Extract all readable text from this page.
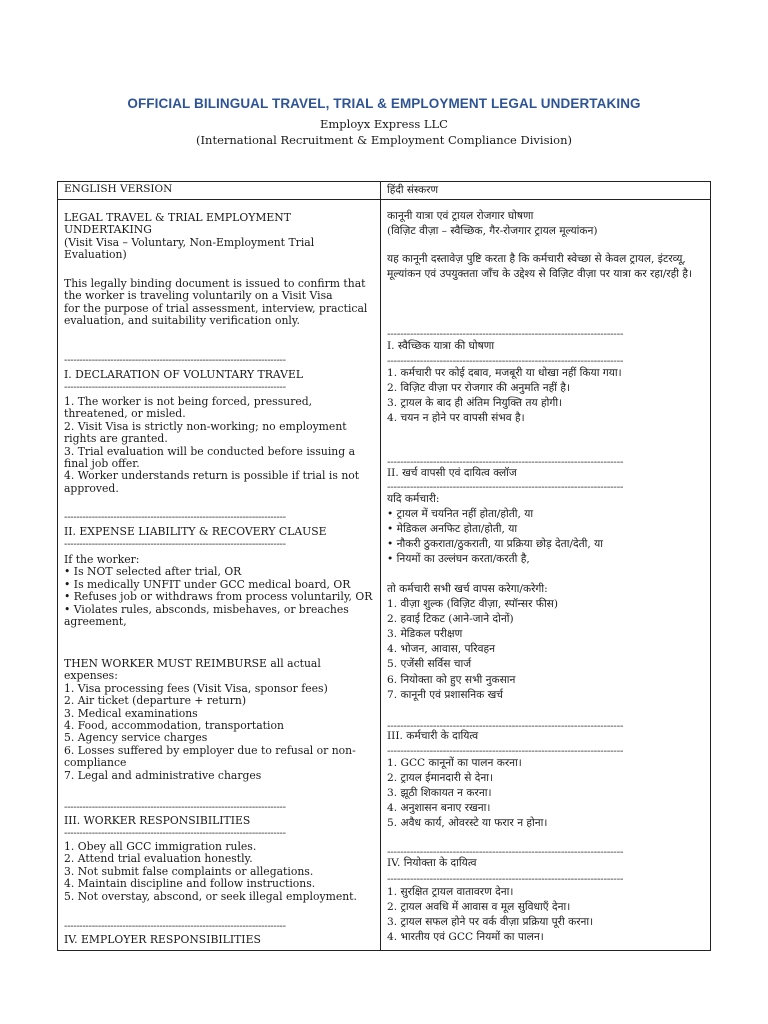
OFFICIAL BILINGUAL TRAVEL, TRIAL & EMPLOYMENT LEGAL UNDERTAKING
Employx Express LLC
(International Recruitment & Employment Compliance Division)
ENGLISH VERSION
LEGAL TRAVEL & TRIAL EMPLOYMENT UNDERTAKING
(Visit Visa – Voluntary, Non-Employment Trial Evaluation)
This legally binding document is issued to confirm that the worker is traveling voluntarily on a Visit Visa
for the purpose of trial assessment, interview, practical evaluation, and suitability verification only.
------------------------------------------------------------------------
I. DECLARATION OF VOLUNTARY TRAVEL
------------------------------------------------------------------------
1. The worker is not being forced, pressured, threatened, or misled.
2. Visit Visa is strictly non-working; no employment rights are granted.
3. Trial evaluation will be conducted before issuing a final job offer.
4. Worker understands return is possible if trial is not approved.
------------------------------------------------------------------------
II. EXPENSE LIABILITY & RECOVERY CLAUSE
------------------------------------------------------------------------
If the worker:
• Is NOT selected after trial, OR
• Is medically UNFIT under GCC medical board, OR
• Refuses job or withdraws from process voluntarily, OR
• Violates rules, absconds, misbehaves, or breaches agreement,
THEN WORKER MUST REIMBURSE all actual expenses:
1. Visa processing fees (Visit Visa, sponsor fees)
2. Air ticket (departure + return)
3. Medical examinations
4. Food, accommodation, transportation
5. Agency service charges
6. Losses suffered by employer due to refusal or non-compliance
7. Legal and administrative charges
------------------------------------------------------------------------
III. WORKER RESPONSIBILITIES
------------------------------------------------------------------------
1. Obey all GCC immigration rules.
2. Attend trial evaluation honestly.
3. Not submit false complaints or allegations.
4. Maintain discipline and follow instructions.
5. Not overstay, abscond, or seek illegal employment.
------------------------------------------------------------------------
IV. EMPLOYER RESPONSIBILITIES
हिंदी संस्करण
कानूनी यात्रा एवं ट्रायल रोजगार घोषणा
(विज़िट वीज़ा – स्वैच्छिक, गैर-रोजगार ट्रायल मूल्यांकन)
यह कानूनी दस्तावेज़ पुष्टि करता है कि कर्मचारी स्वेच्छा से केवल ट्रायल, इंटरव्यू,
मूल्यांकन एवं उपयुक्तता जाँच के उद्देश्य से विज़िट वीज़ा पर यात्रा कर रहा/रही है।
------------------------------------------------------------------------
I. स्वैच्छिक यात्रा की घोषणा
------------------------------------------------------------------------
1. कर्मचारी पर कोई दबाव, मजबूरी या धोखा नहीं किया गया।
2. विज़िट वीज़ा पर रोजगार की अनुमति नहीं है।
3. ट्रायल के बाद ही अंतिम नियुक्ति तय होगी।
4. चयन न होने पर वापसी संभव है।
------------------------------------------------------------------------
II. खर्च वापसी एवं दायित्व क्लॉज
------------------------------------------------------------------------
यदि कर्मचारी:
• ट्रायल में चयनित नहीं होता/होती, या
• मेडिकल अनफिट होता/होती, या
• नौकरी ठुकराता/ठुकराती, या प्रक्रिया छोड़ देता/देती, या
• नियमों का उल्लंघन करता/करती है,
तो कर्मचारी सभी खर्च वापस करेगा/करेगी:
1. वीज़ा शुल्क (विज़िट वीज़ा, स्पॉन्सर फीस)
2. हवाई टिकट (आने-जाने दोनों)
3. मेडिकल परीक्षण
4. भोजन, आवास, परिवहन
5. एजेंसी सर्विस चार्ज
6. नियोक्ता को हुए सभी नुकसान
7. कानूनी एवं प्रशासनिक खर्च
------------------------------------------------------------------------
III. कर्मचारी के दायित्व
------------------------------------------------------------------------
1. GCC कानूनों का पालन करना।
2. ट्रायल ईमानदारी से देना।
3. झूठी शिकायत न करना।
4. अनुशासन बनाए रखना।
5. अवैध कार्य, ओवरस्टे या फरार न होना।
------------------------------------------------------------------------
IV. नियोक्ता के दायित्व
------------------------------------------------------------------------
1. सुरक्षित ट्रायल वातावरण देना।
2. ट्रायल अवधि में आवास व मूल सुविधाएँ देना।
3. ट्रायल सफल होने पर वर्क वीज़ा प्रक्रिया पूरी करना।
4. भारतीय एवं GCC नियमों का पालन।
